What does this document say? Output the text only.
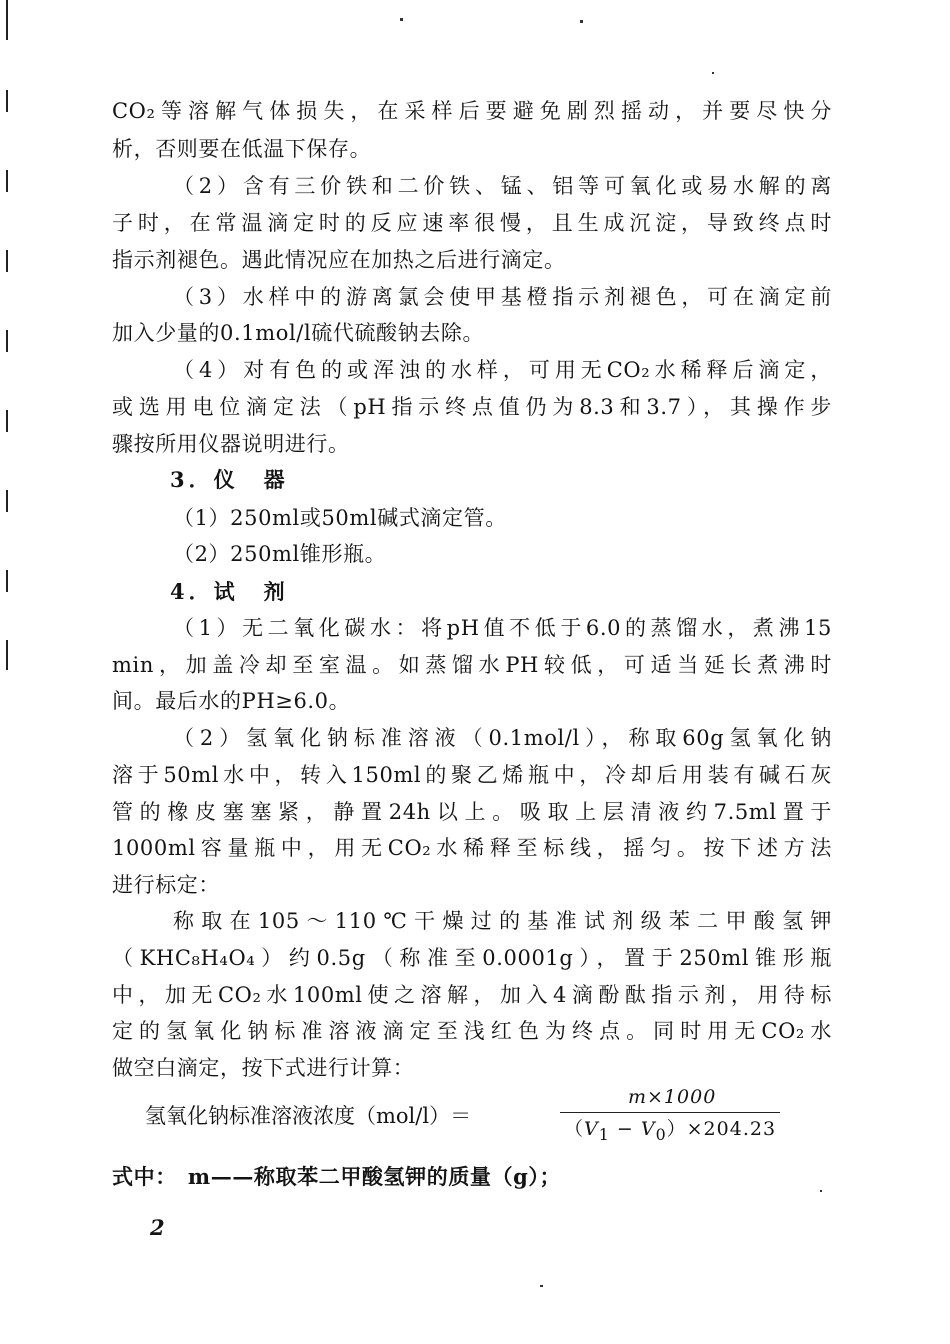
CO₂等溶解气体损失，在采样后要避免剧烈摇动，并要尽快分
析，否则要在低温下保存。
（2）含有三价铁和二价铁、锰、铝等可氧化或易水解的离
子时，在常温滴定时的反应速率很慢，且生成沉淀，导致终点时
指示剂褪色。遇此情况应在加热之后进行滴定。
（3）水样中的游离氯会使甲基橙指示剂褪色，可在滴定前
加入少量的0.1mol/l硫代硫酸钠去除。
（4）对有色的或浑浊的水样，可用无CO₂水稀释后滴定，
或选用电位滴定法（pH指示终点值仍为8.3和3.7），其操作步
骤按所用仪器说明进行。
3．仪　器
（1）250ml或50ml碱式滴定管。
（2）250ml锥形瓶。
4．试　剂
（1）无二氧化碳水：将pH值不低于6.0的蒸馏水，煮沸15
min，加盖冷却至室温。如蒸馏水PH较低，可适当延长煮沸时
间。最后水的PH≥6.0。
（2）氢氧化钠标准溶液（0.1mol/l），称取60g氢氧化钠
溶于50ml水中，转入150ml的聚乙烯瓶中，冷却后用装有碱石灰
管的橡皮塞塞紧，静置24h以上。吸取上层清液约7.5ml置于
1000ml容量瓶中，用无CO₂水稀释至标线，摇匀。按下述方法
进行标定：
称取在105～110℃干燥过的基准试剂级苯二甲酸氢钾
（KHC₈H₄O₄）约0.5g（称准至0.0001g），置于250ml锥形瓶
中，加无CO₂水100ml使之溶解，加入4滴酚酞指示剂，用待标
定的氢氧化钠标准溶液滴定至浅红色为终点。同时用无CO₂水
做空白滴定，按下式进行计算：
氢氧化钠标准溶液浓度（mol/l）＝
m×1000
$(V_1 - V_0)\times 204.23$
式中：　m——称取苯二甲酸氢钾的质量（g）；
2
